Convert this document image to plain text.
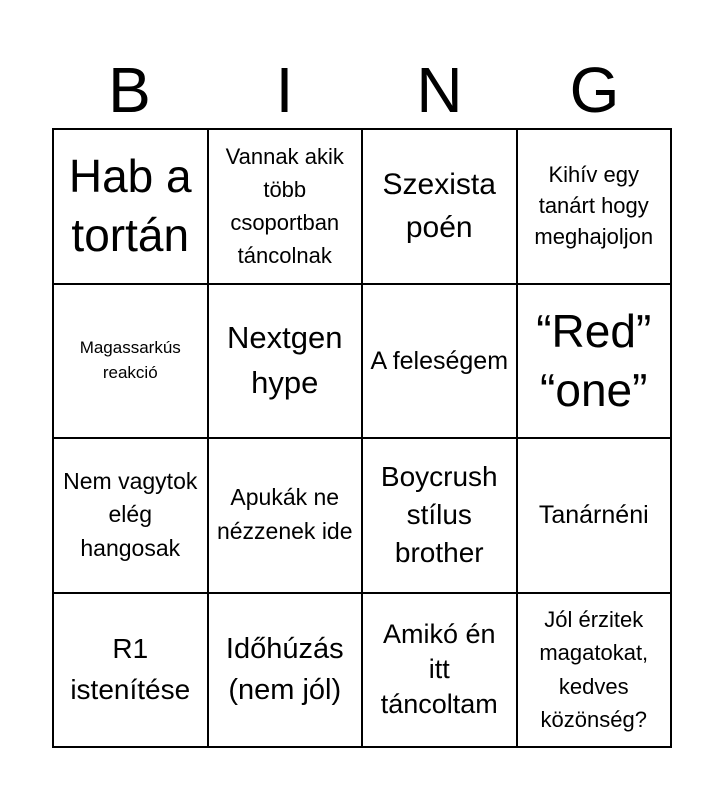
B	I	N	G
Hab a tortán
Vannak akik több csoportban táncolnak
Szexista poén
Kihív egy tanárt hogy meghajoljon
Magassarkús reakció
Nextgen hype
A feleségem
“Red” “one”
Nem vagytok elég hangosak
Apukák ne nézzenek ide
Boycrush stílus brother
Tanárnéni
R1 istenítése
Időhúzás (nem jól)
Amikó én itt táncoltam
Jól érzitek magatokat, kedves közönség?
